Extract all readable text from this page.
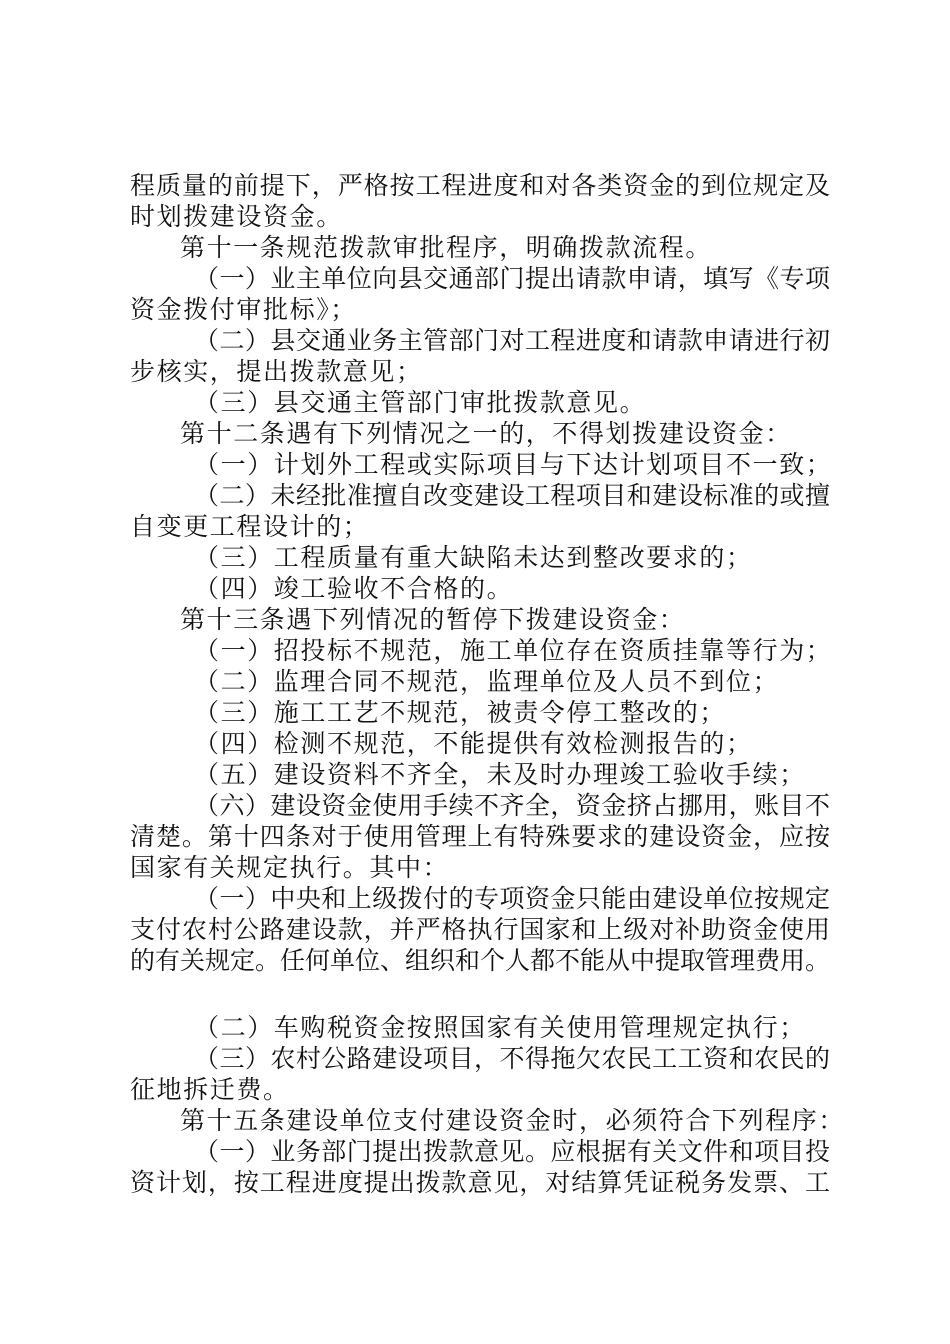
程质量的前提下，严格按工程进度和对各类资金的到位规定及
时划拨建设资金。
第十一条规范拨款审批程序，明确拨款流程。
（一）业主单位向县交通部门提出请款申请，填写《专项
资金拨付审批标》；
（二）县交通业务主管部门对工程进度和请款申请进行初
步核实，提出拨款意见；
（三）县交通主管部门审批拨款意见。
第十二条遇有下列情况之一的，不得划拨建设资金：
（一）计划外工程或实际项目与下达计划项目不一致；
（二）未经批准擅自改变建设工程项目和建设标准的或擅
自变更工程设计的；
（三）工程质量有重大缺陷未达到整改要求的；
（四）竣工验收不合格的。
第十三条遇下列情况的暂停下拨建设资金：
（一）招投标不规范，施工单位存在资质挂靠等行为；
（二）监理合同不规范，监理单位及人员不到位；
（三）施工工艺不规范，被责令停工整改的；
（四）检测不规范，不能提供有效检测报告的；
（五）建设资料不齐全，未及时办理竣工验收手续；
（六）建设资金使用手续不齐全，资金挤占挪用，账目不
清楚。第十四条对于使用管理上有特殊要求的建设资金，应按
国家有关规定执行。其中：
（一）中央和上级拨付的专项资金只能由建设单位按规定
支付农村公路建设款，并严格执行国家和上级对补助资金使用
的有关规定。任何单位、组织和个人都不能从中提取管理费用。
（二）车购税资金按照国家有关使用管理规定执行；
（三）农村公路建设项目，不得拖欠农民工工资和农民的
征地拆迁费。
第十五条建设单位支付建设资金时，必须符合下列程序：
（一）业务部门提出拨款意见。应根据有关文件和项目投
资计划，按工程进度提出拨款意见，对结算凭证税务发票、工
